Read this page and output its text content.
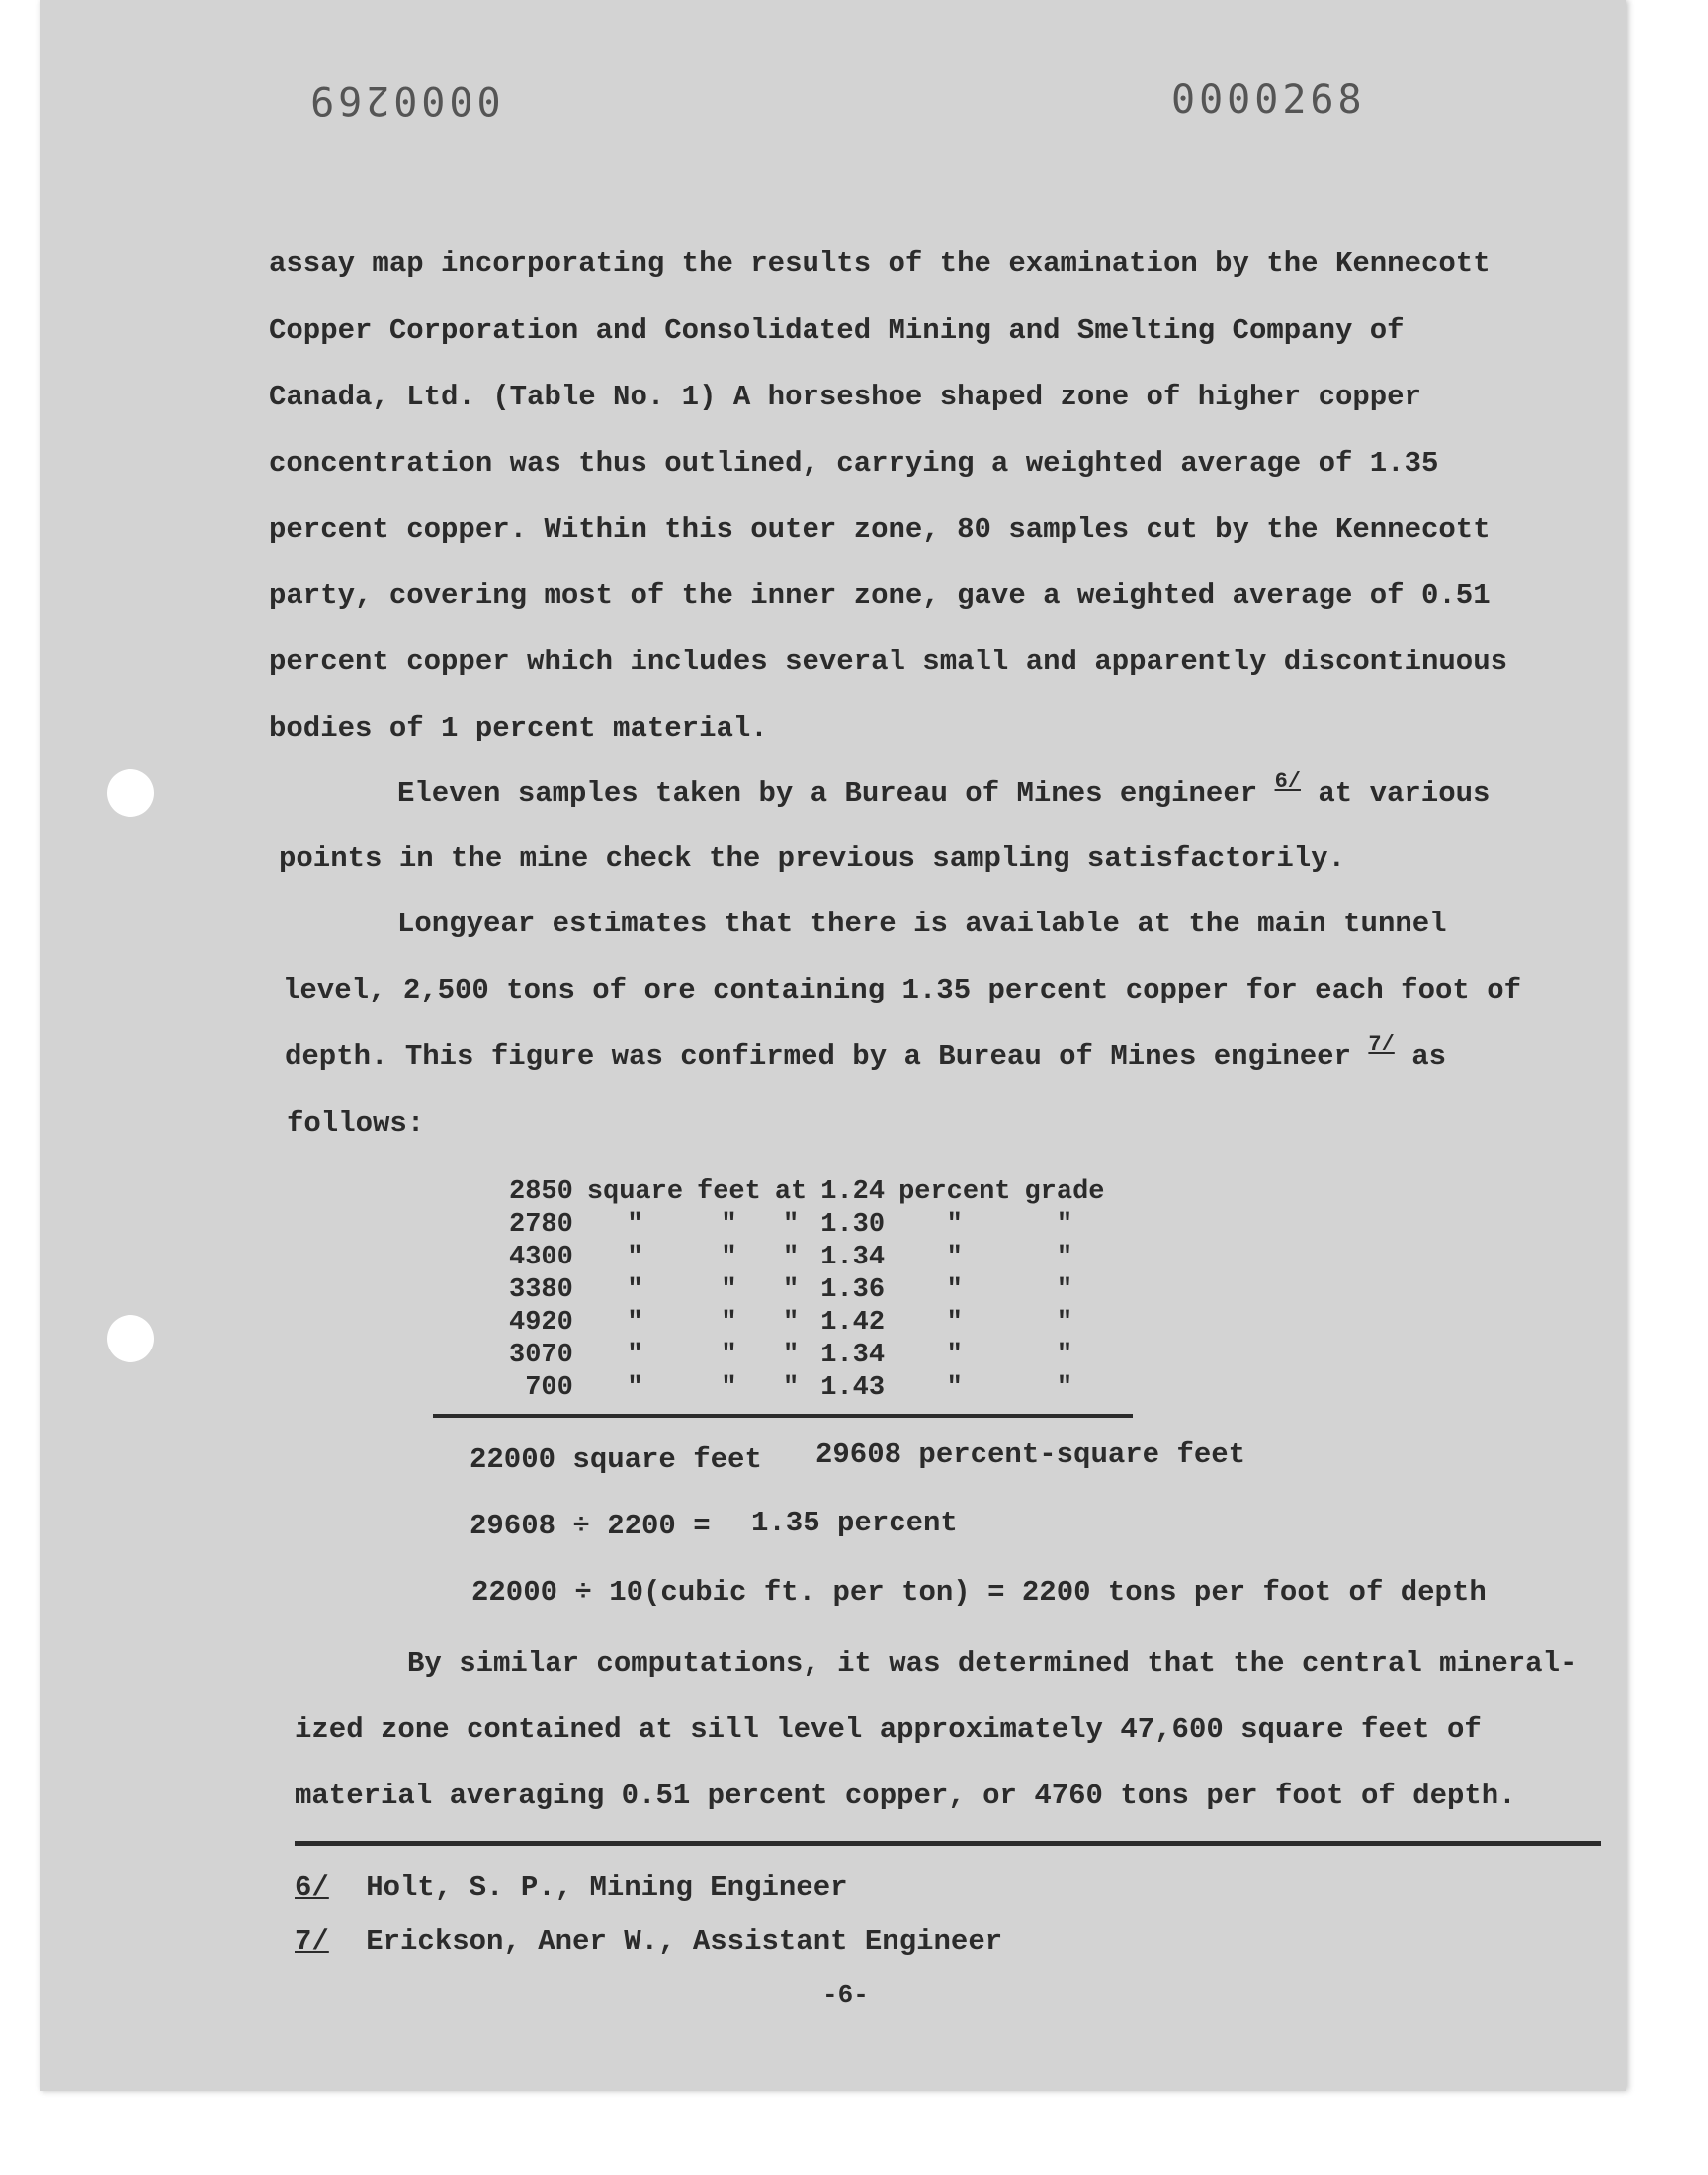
0000269	0000268
assay map incorporating the results of the examination by the Kennecott
Copper Corporation and Consolidated Mining and Smelting Company of
Canada, Ltd. (Table No. 1) A horseshoe shaped zone of higher copper
concentration was thus outlined, carrying a weighted average of 1.35
percent copper. Within this outer zone, 80 samples cut by the Kennecott
party, covering most of the inner zone, gave a weighted average of 0.51
percent copper which includes several small and apparently discontinuous
bodies of 1 percent material.
Eleven samples taken by a Bureau of Mines engineer $^{6/}$ at various
points in the mine check the previous sampling satisfactorily.
Longyear estimates that there is available at the main tunnel
level, 2,500 tons of ore containing 1.35 percent copper for each foot of
depth. This figure was confirmed by a Bureau of Mines engineer $^{7/}$ as
follows:
2850	square	feet	at	1.24	percent	grade
2780	"	"	"	1.30	"	"
4300	"	"	"	1.34	"	"
3380	"	"	"	1.36	"	"
4920	"	"	"	1.42	"	"
3070	"	"	"	1.34	"	"
700	"	"	"	1.43	"	"
22000 square feet 29608 percent-square feet
29608 ÷ 2200 = 1.35 percent
22000 ÷ 10(cubic ft. per ton) = 2200 tons per foot of depth
By similar computations, it was determined that the central mineral-
ized zone contained at sill level approximately 47,600 square feet of
material averaging 0.51 percent copper, or 4760 tons per foot of depth.
6/ Holt, S. P., Mining Engineer
7/ Erickson, Aner W., Assistant Engineer
-6-
